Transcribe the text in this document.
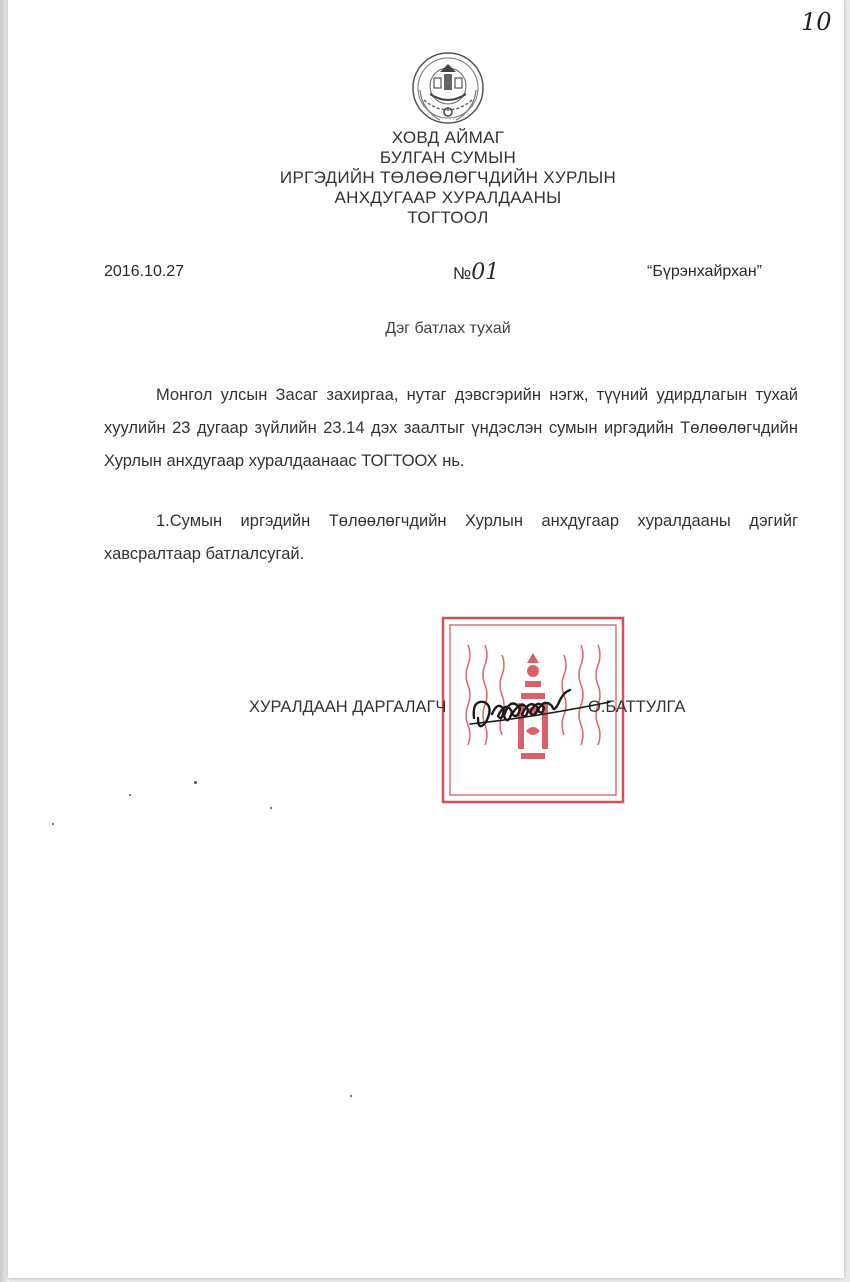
10
ХОВД АЙМАГ
БУЛГАН СУМЫН
ИРГЭДИЙН ТӨЛӨӨЛӨГЧДИЙН ХУРЛЫН
АНХДУГААР ХУРАЛДААНЫ
ТОГТООЛ
2016.10.27	№01	“Бүрэнхайрхан”
Дэг батлах тухай
Монгол улсын Засаг захиргаа, нутаг дэвсгэрийн нэгж, түүний удирдлагын тухай хуулийн 23 дугаар зүйлийн 23.14 дэх заалтыг үндэслэн сумын иргэдийн Төлөөлөгчдийн Хурлын анхдугаар хуралдаанаас ТОГТООХ нь.
1.Сумын иргэдийн Төлөөлөгчдийн Хурлын анхдугаар хуралдааны дэгийг хавсралтаар батлалсугай.
ХУРАЛДААН ДАРГАЛАГЧ	О.БАТТУЛГА
